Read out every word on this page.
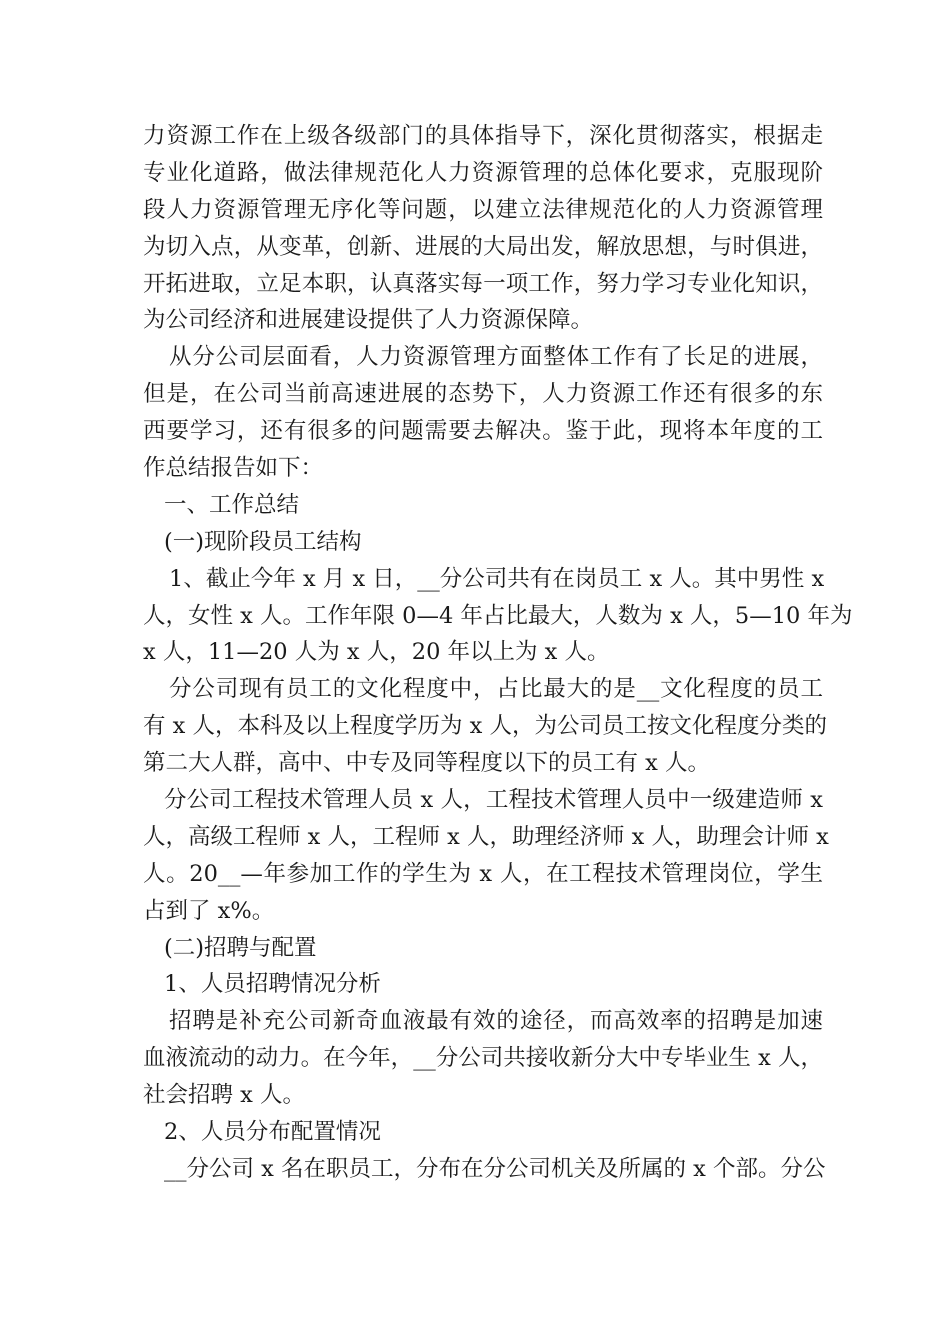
力资源工作在上级各级部门的具体指导下，深化贯彻落实，根据走
专业化道路，做法律规范化人力资源管理的总体化要求，克服现阶
段人力资源管理无序化等问题，以建立法律规范化的人力资源管理
为切入点，从变革，创新、进展的大局出发，解放思想，与时俱进，
开拓进取，立足本职，认真落实每一项工作，努力学习专业化知识，
为公司经济和进展建设提供了人力资源保障。
从分公司层面看，人力资源管理方面整体工作有了长足的进展，
但是，在公司当前高速进展的态势下，人力资源工作还有很多的东
西要学习，还有很多的问题需要去解决。鉴于此，现将本年度的工
作总结报告如下：
一、工作总结
(一)现阶段员工结构
1、截止今年 x 月 x 日，__分公司共有在岗员工 x 人。其中男性 x
人，女性 x 人。工作年限 0—4 年占比最大，人数为 x 人，5—10 年为
x 人，11—20 人为 x 人，20 年以上为 x 人。
分公司现有员工的文化程度中，占比最大的是__文化程度的员工
有 x 人，本科及以上程度学历为 x 人，为公司员工按文化程度分类的
第二大人群，高中、中专及同等程度以下的员工有 x 人。
分公司工程技术管理人员 x 人，工程技术管理人员中一级建造师 x
人，高级工程师 x 人，工程师 x 人，助理经济师 x 人，助理会计师 x
人。20__—年参加工作的学生为 x 人，在工程技术管理岗位，学生
占到了 x%。
(二)招聘与配置
1、人员招聘情况分析
招聘是补充公司新奇血液最有效的途径，而高效率的招聘是加速
血液流动的动力。在今年，__分公司共接收新分大中专毕业生 x 人，
社会招聘 x 人。
2、人员分布配置情况
__分公司 x 名在职员工，分布在分公司机关及所属的 x 个部。分公
